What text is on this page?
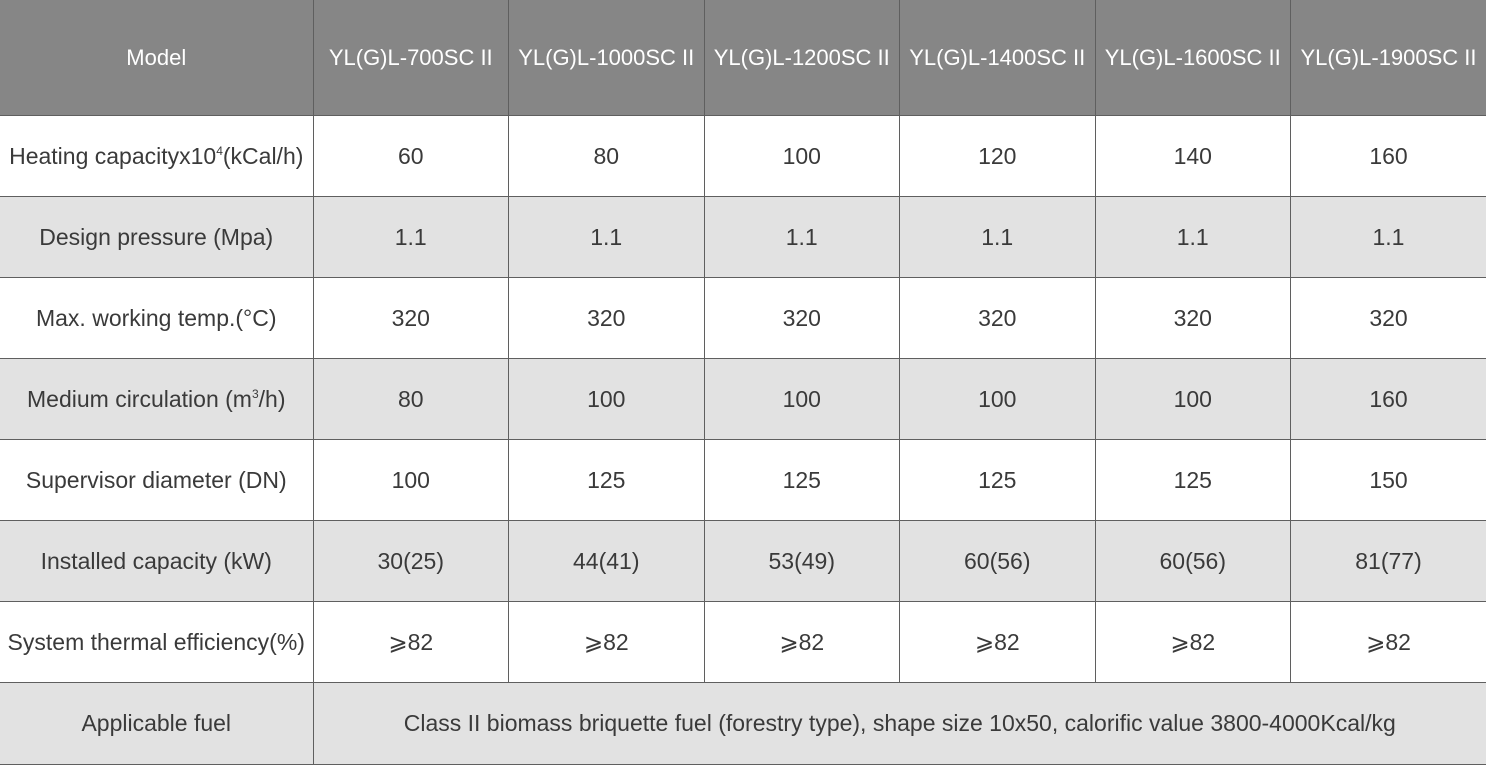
Model	YL(G)L-700SC II	YL(G)L-1000SC II	YL(G)L-1200SC II	YL(G)L-1400SC II	YL(G)L-1600SC II	YL(G)L-1900SC II
Heating $capacityx10^4(kCal/h)$	60	80	100	120	140	160
Design pressure (Mpa)	1.1	1.1	1.1	1.1	1.1	1.1
Max. working temp.(°C)	320	320	320	320	320	320
Medium circulation $(m^3/h)$	80	100	100	100	100	160
Supervisor diameter (DN)	100	125	125	125	125	150
Installed capacity (kW)	30(25)	44(41)	53(49)	60(56)	60(56)	81(77)
System thermal efficiency(%)	⩾82	⩾82	⩾82	⩾82	⩾82	⩾82
Applicable fuel	Class II biomass briquette fuel (forestry type), shape size 10x50, calorific value 3800-4000Kcal/kg					
